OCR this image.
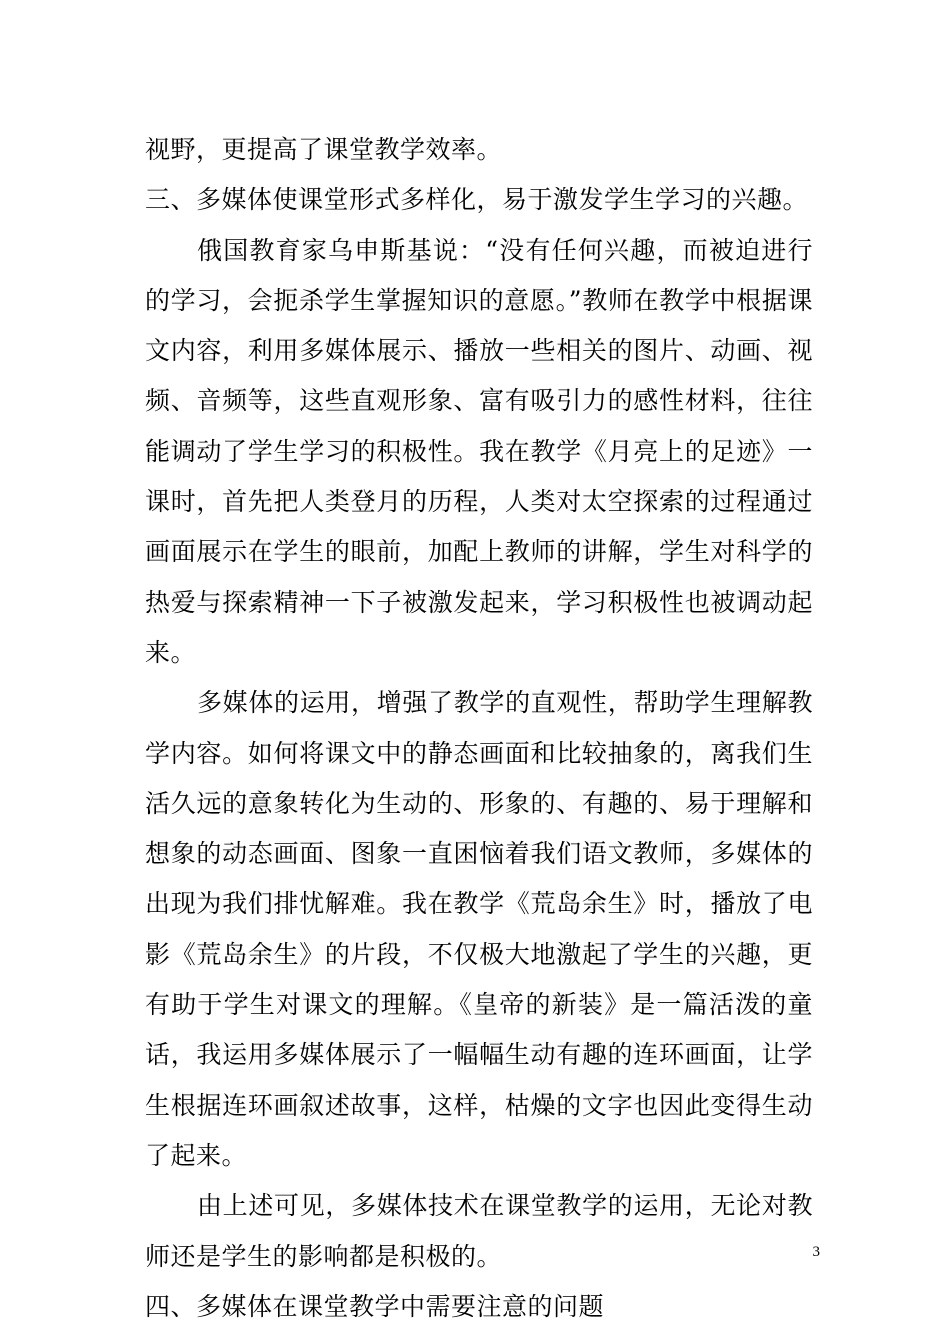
视野，更提高了课堂教学效率。

三、多媒体使课堂形式多样化，易于激发学生学习的兴趣。

俄国教育家乌申斯基说：“没有任何兴趣，而被迫进行的学习，会扼杀学生掌握知识的意愿。”教师在教学中根据课文内容，利用多媒体展示、播放一些相关的图片、动画、视频、音频等，这些直观形象、富有吸引力的感性材料，往往能调动了学生学习的积极性。我在教学《月亮上的足迹》一课时，首先把人类登月的历程，人类对太空探索的过程通过画面展示在学生的眼前，加配上教师的讲解，学生对科学的热爱与探索精神一下子被激发起来，学习积极性也被调动起来。

多媒体的运用，增强了教学的直观性，帮助学生理解教学内容。如何将课文中的静态画面和比较抽象的，离我们生活久远的意象转化为生动的、形象的、有趣的、易于理解和想象的动态画面、图象一直困恼着我们语文教师，多媒体的出现为我们排忧解难。我在教学《荒岛余生》时，播放了电影《荒岛余生》的片段，不仅极大地激起了学生的兴趣，更有助于学生对课文的理解。《皇帝的新装》是一篇活泼的童话，我运用多媒体展示了一幅幅生动有趣的连环画面，让学生根据连环画叙述故事，这样，枯燥的文字也因此变得生动了起来。

由上述可见，多媒体技术在课堂教学的运用，无论对教师还是学生的影响都是积极的。

四、多媒体在课堂教学中需要注意的问题

3
